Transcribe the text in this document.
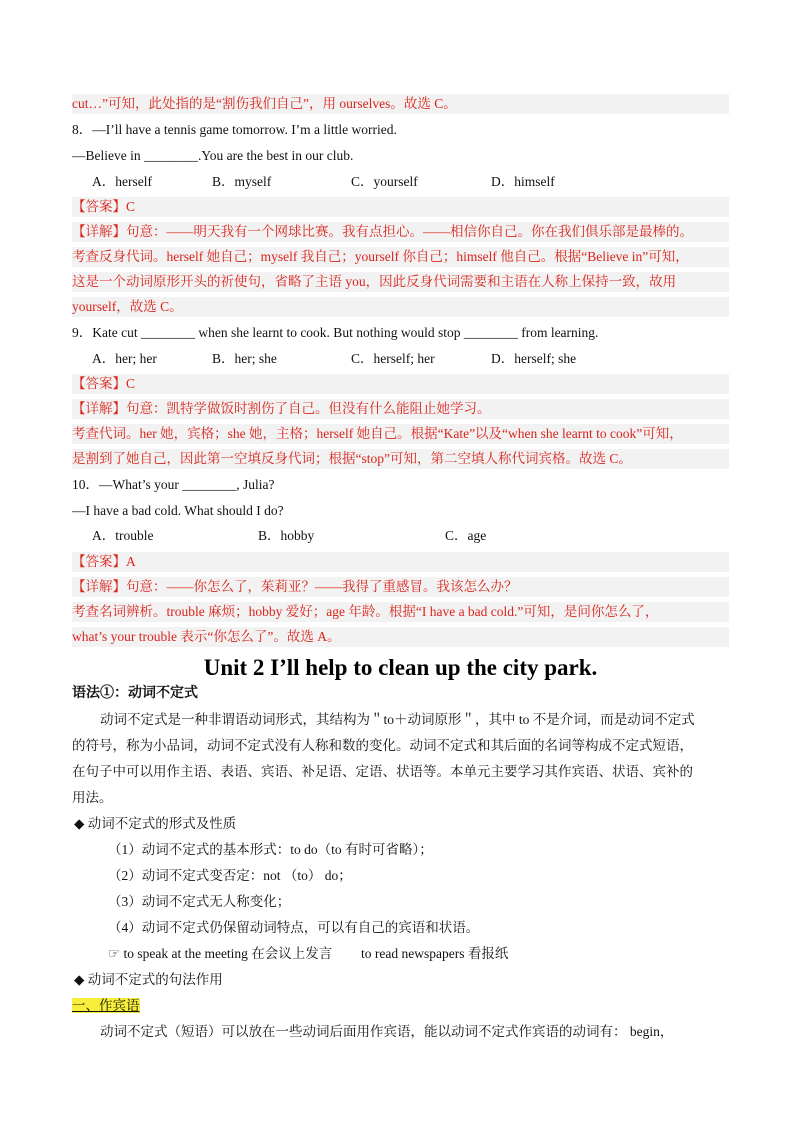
cut…”可知，此处指的是“割伤我们自己”，用 ourselves。故选 C。
8．—I’ll have a tennis game tomorrow. I’m a little worried.
—Believe in ________.You are the best in our club.
A．herself	B．myself	C．yourself	D．himself
【答案】C
【详解】句意：——明天我有一个网球比赛。我有点担心。——相信你自己。你在我们俱乐部是最棒的。
考查反身代词。herself 她自己；myself 我自己；yourself 你自己；himself 他自己。根据“Believe in”可知，
这是一个动词原形开头的祈使句，省略了主语 you，因此反身代词需要和主语在人称上保持一致，故用
yourself，故选 C。
9．Kate cut ________ when she learnt to cook. But nothing would stop ________ from learning.
A．her; her	B．her; she	C．herself; her	D．herself; she
【答案】C
【详解】句意：凯特学做饭时割伤了自己。但没有什么能阻止她学习。
考查代词。her 她，宾格；she 她，主格；herself 她自己。根据“Kate”以及“when she learnt to cook”可知，
是割到了她自己，因此第一空填反身代词；根据“stop”可知，第二空填人称代词宾格。故选 C。
10．—What’s your ________, Julia?
—I have a bad cold. What should I do?
A．trouble	B．hobby	C．age
【答案】A
【详解】句意：——你怎么了，茱莉亚？——我得了重感冒。我该怎么办？
考查名词辨析。trouble 麻烦；hobby 爱好；age 年龄。根据“I have a bad cold.”可知，是问你怎么了，
what’s your trouble 表示“你怎么了”。故选 A。
Unit 2 I’ll help to clean up the city park.
语法①：动词不定式
动词不定式是一种非谓语动词形式，其结构为＂to＋动词原形＂，其中 to 不是介词，而是动词不定式
的符号，称为小品词，动词不定式没有人称和数的变化。动词不定式和其后面的名词等构成不定式短语，
在句子中可以用作主语、表语、宾语、补足语、定语、状语等。本单元主要学习其作宾语、状语、宾补的
用法。
◆ 动词不定式的形式及性质
（1）动词不定式的基本形式：to do（to 有时可省略）；
（2）动词不定式变否定：not （to） do；
（3）动词不定式无人称变化；
（4）动词不定式仍保留动词特点，可以有自己的宾语和状语。
☞ to speak at the meeting 在会议上发言 to read newspapers 看报纸
◆ 动词不定式的句法作用
一、作宾语
动词不定式（短语）可以放在一些动词后面用作宾语，能以动词不定式作宾语的动词有： begin，
